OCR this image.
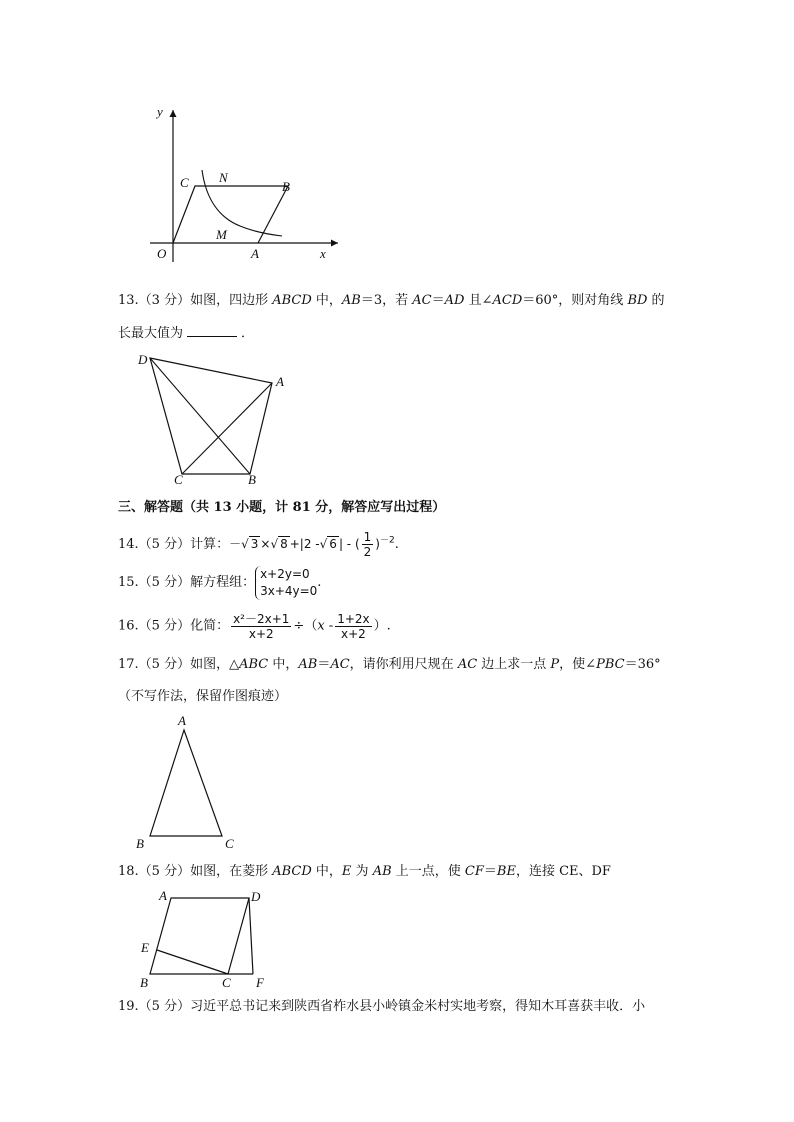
y
x
O
C N
B
M
A
13.（3 分）如图，四边形 ABCD 中，AB＝3，若 AC＝AD 且∠ACD＝60°，则对角线 BD 的
长最大值为	．
D
A
C	B
三、解答题（共 13 小题，计 81 分，解答应写出过程）
14.（5 分）计算：－√ 3 ×√ 8 +|2 -√ 6 | - ( $\frac{1}{2} )^{-2}$.
15.（5 分）解方程组：
x+2y=0
3x+4y=0
.
16.（5 分）化简： $\frac{\text{x²－2x+1}}{x+2} \div(x - \frac{1+2x}{x+2}$ ）.
17.（5 分）如图，△ABC 中，AB＝AC，请你利用尺规在 AC 边上求一点 P，使∠PBC＝36°
（不写作法，保留作图痕迹）
A
B	C
18.（5 分）如图，在菱形 ABCD 中，E 为 AB 上一点，使 CF＝BE，连接 CE、DF
A	D
E
B	C F
19.（5 分）习近平总书记来到陕西省柞水县小岭镇金米村实地考察，得知木耳喜获丰收．小
